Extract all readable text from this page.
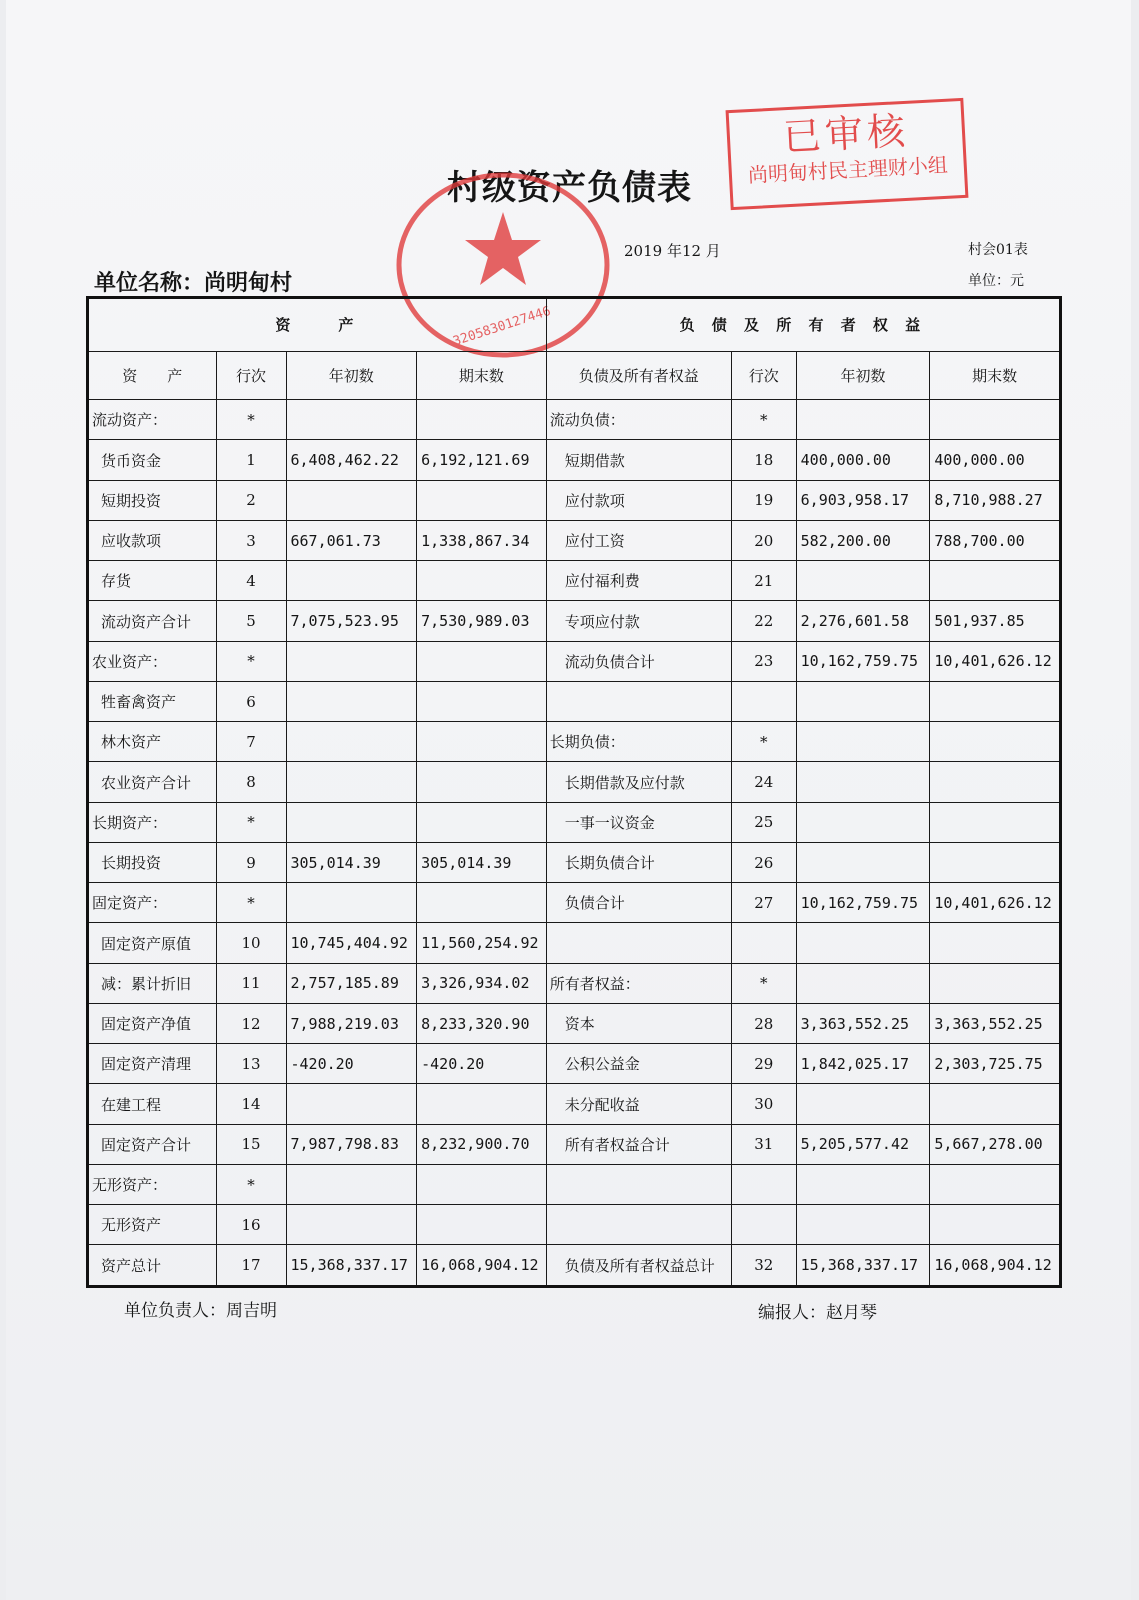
已审核
尚明甸村民主理财小组
村级资产负债表
2019 年12 月	村会01表
单位：元
单位名称：尚明甸村
3205830127446
资　　产				负 债 及 所 有 者 权 益			
资　　产	行次	年初数	期末数	负债及所有者权益	行次	年初数	期末数
流动资产：	*			流动负债：	*		
货币资金	1	6,408,462.22	6,192,121.69	短期借款	18	400,000.00	400,000.00
短期投资	2			应付款项	19	6,903,958.17	8,710,988.27
应收款项	3	667,061.73	1,338,867.34	应付工资	20	582,200.00	788,700.00
存货	4			应付福利费	21		
流动资产合计	5	7,075,523.95	7,530,989.03	专项应付款	22	2,276,601.58	501,937.85
农业资产：	*			流动负债合计	23	10,162,759.75	10,401,626.12
牲畜禽资产	6						
林木资产	7			长期负债：	*		
农业资产合计	8			长期借款及应付款	24		
长期资产：	*			一事一议资金	25		
长期投资	9	305,014.39	305,014.39	长期负债合计	26		
固定资产：	*			负债合计	27	10,162,759.75	10,401,626.12
固定资产原值	10	10,745,404.92	11,560,254.92				
减：累计折旧	11	2,757,185.89	3,326,934.02	所有者权益：	*		
固定资产净值	12	7,988,219.03	8,233,320.90	资本	28	3,363,552.25	3,363,552.25
固定资产清理	13	-420.20	-420.20	公积公益金	29	1,842,025.17	2,303,725.75
在建工程	14			未分配收益	30		
固定资产合计	15	7,987,798.83	8,232,900.70	所有者权益合计	31	5,205,577.42	5,667,278.00
无形资产：	*						
无形资产	16						
资产总计	17	15,368,337.17	16,068,904.12	负债及所有者权益总计	32	15,368,337.17	16,068,904.12
单位负责人：周吉明	编报人：赵月琴
